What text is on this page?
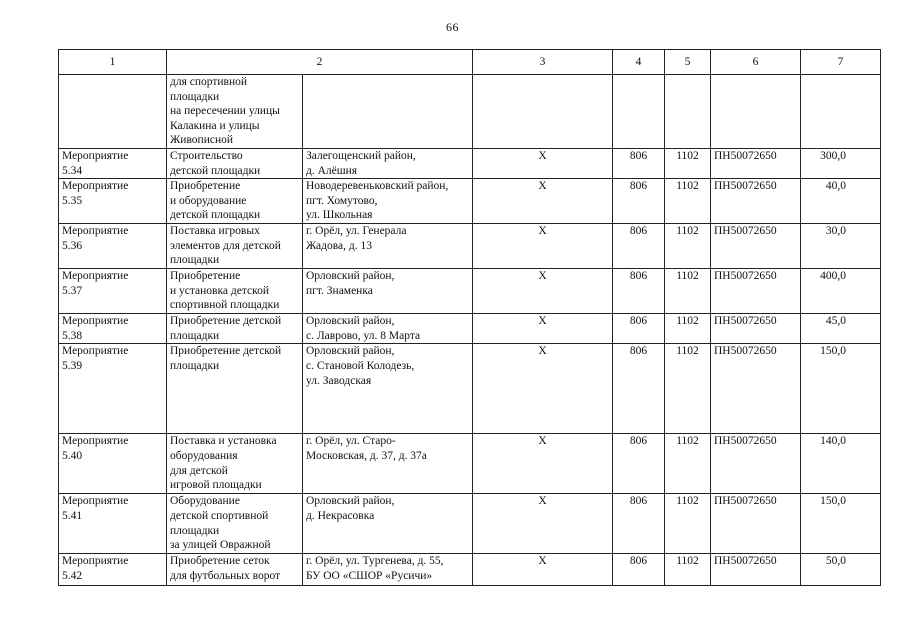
66
1	2		3	4	5	6	7

	для спортивной
площадки
на пересечении улицы
Калакина и улицы
Живописной						

Мероприятие
5.34	Строительство
детской площадки	Залегощенский район,
д. Алёшня	Х	806	1102	ПН50072650	300,0

Мероприятие
5.35	Приобретение
и оборудование
детской площадки	Новодеревеньковский район,
пгт. Хомутово,
ул. Школьная	Х	806	1102	ПН50072650	40,0

Мероприятие
5.36	Поставка игровых
элементов для детской
площадки	г. Орёл, ул. Генерала
Жадова, д. 13	Х	806	1102	ПН50072650	30,0

Мероприятие
5.37	Приобретение
и установка детской
спортивной площадки	Орловский район,
пгт. Знаменка	Х	806	1102	ПН50072650	400,0

Мероприятие
5.38	Приобретение детской
площадки	Орловский район,
с. Лаврово, ул. 8 Марта	Х	806	1102	ПН50072650	45,0

Мероприятие
5.39	Приобретение детской
площадки	Орловский район,
с. Становой Колодезь,
ул. Заводская	Х	806	1102	ПН50072650	150,0

Мероприятие
5.40	Поставка и установка
оборудования
для детской
игровой площадки	г. Орёл, ул. Старо-
Московская, д. 37, д. 37а	Х	806	1102	ПН50072650	140,0

Мероприятие
5.41	Оборудование
детской спортивной
площадки
за улицей Овражной	Орловский район,
д. Некрасовка	Х	806	1102	ПН50072650	150,0

Мероприятие
5.42	Приобретение сеток
для футбольных ворот	г. Орёл, ул. Тургенева, д. 55,
БУ ОО «СШОР «Русичи»	Х	806	1102	ПН50072650	50,0
